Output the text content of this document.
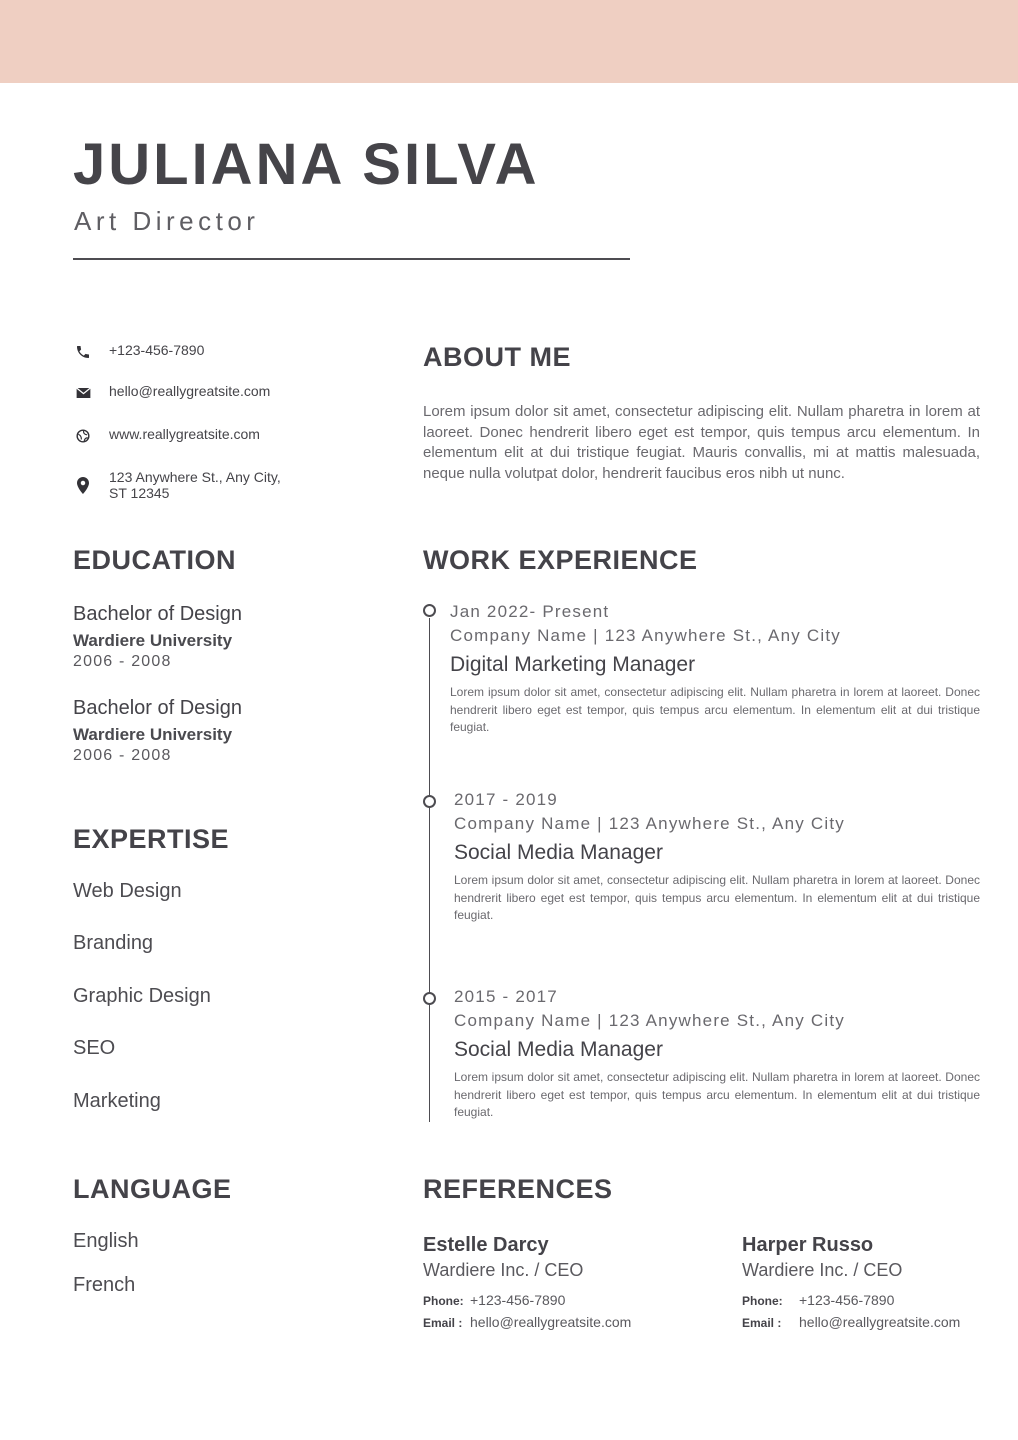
JULIANA SILVA
Art Director
+123-456-7890
hello@reallygreatsite.com
www.reallygreatsite.com
123 Anywhere St., Any City,
ST 12345
ABOUT ME
Lorem ipsum dolor sit amet, consectetur adipiscing elit. Nullam pharetra in lorem at laoreet. Donec hendrerit libero eget est tempor, quis tempus arcu elementum. In elementum elit at dui tristique feugiat. Mauris convallis, mi at mattis malesuada, neque nulla volutpat dolor, hendrerit faucibus eros nibh ut nunc.
EDUCATION
Bachelor of Design
Wardiere University
2006 - 2008
Bachelor of Design
Wardiere University
2006 - 2008
EXPERTISE
Web Design
Branding
Graphic Design
SEO
Marketing
LANGUAGE
English
French
WORK EXPERIENCE
Jan 2022- Present
Company Name | 123 Anywhere St., Any City
Digital Marketing Manager
Lorem ipsum dolor sit amet, consectetur adipiscing elit. Nullam pharetra in lorem at laoreet. Donec hendrerit libero eget est tempor, quis tempus arcu elementum. In elementum elit at dui tristique feugiat.
2017 - 2019
Company Name | 123 Anywhere St., Any City
Social Media Manager
Lorem ipsum dolor sit amet, consectetur adipiscing elit. Nullam pharetra in lorem at laoreet. Donec hendrerit libero eget est tempor, quis tempus arcu elementum. In elementum elit at dui tristique feugiat.
2015 - 2017
Company Name | 123 Anywhere St., Any City
Social Media Manager
Lorem ipsum dolor sit amet, consectetur adipiscing elit. Nullam pharetra in lorem at laoreet. Donec hendrerit libero eget est tempor, quis tempus arcu elementum. In elementum elit at dui tristique feugiat.
REFERENCES
Estelle Darcy
Wardiere Inc. / CEO
Phone: +123-456-7890
Email : hello@reallygreatsite.com
Harper Russo
Wardiere Inc. / CEO
Phone: +123-456-7890
Email : hello@reallygreatsite.com
